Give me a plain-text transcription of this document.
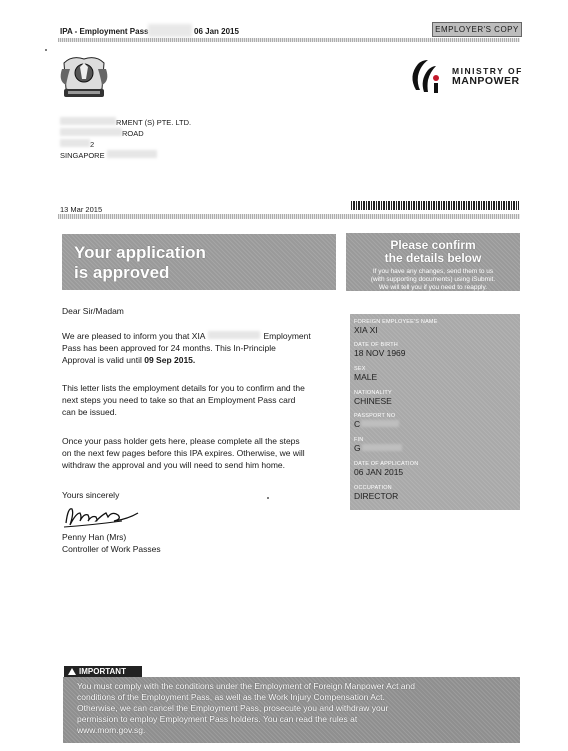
IPA - Employment Pass	06 Jan 2015	EMPLOYER'S COPY
MINISTRY OF
MANPOWER
RMENT (S) PTE. LTD.
ROAD
2
SINGAPORE
13 Mar 2015
Your application
is approved
Please confirm
the details below
If you have any changes, send them to us
(with supporting documents) using iSubmit.
We will tell you if you need to reapply.
FOREIGN EMPLOYEE'S NAME
XIA XI
DATE OF BIRTH
18 NOV 1969
SEX
MALE
NATIONALITY
CHINESE
PASSPORT NO
C
FIN
G
DATE OF APPLICATION
06 JAN 2015
OCCUPATION
DIRECTOR
Dear Sir/Madam
We are pleased to inform you that XIA	Employment
Pass has been approved for 24 months. This In-Principle
Approval is valid until 09 Sep 2015.
This letter lists the employment details for you to confirm and the
next steps you need to take so that an Employment Pass card
can be issued.
Once your pass holder gets here, please complete all the steps
on the next few pages before this IPA expires. Otherwise, we will
withdraw the approval and you will need to send him home.
Yours sincerely
Penny Han (Mrs)
Controller of Work Passes
IMPORTANT
You must comply with the conditions under the Employment of Foreign Manpower Act and
conditions of the Employment Pass, as well as the Work Injury Compensation Act.
Otherwise, we can cancel the Employment Pass, prosecute you and withdraw your
permission to employ Employment Pass holders. You can read the rules at
www.mom.gov.sg.
